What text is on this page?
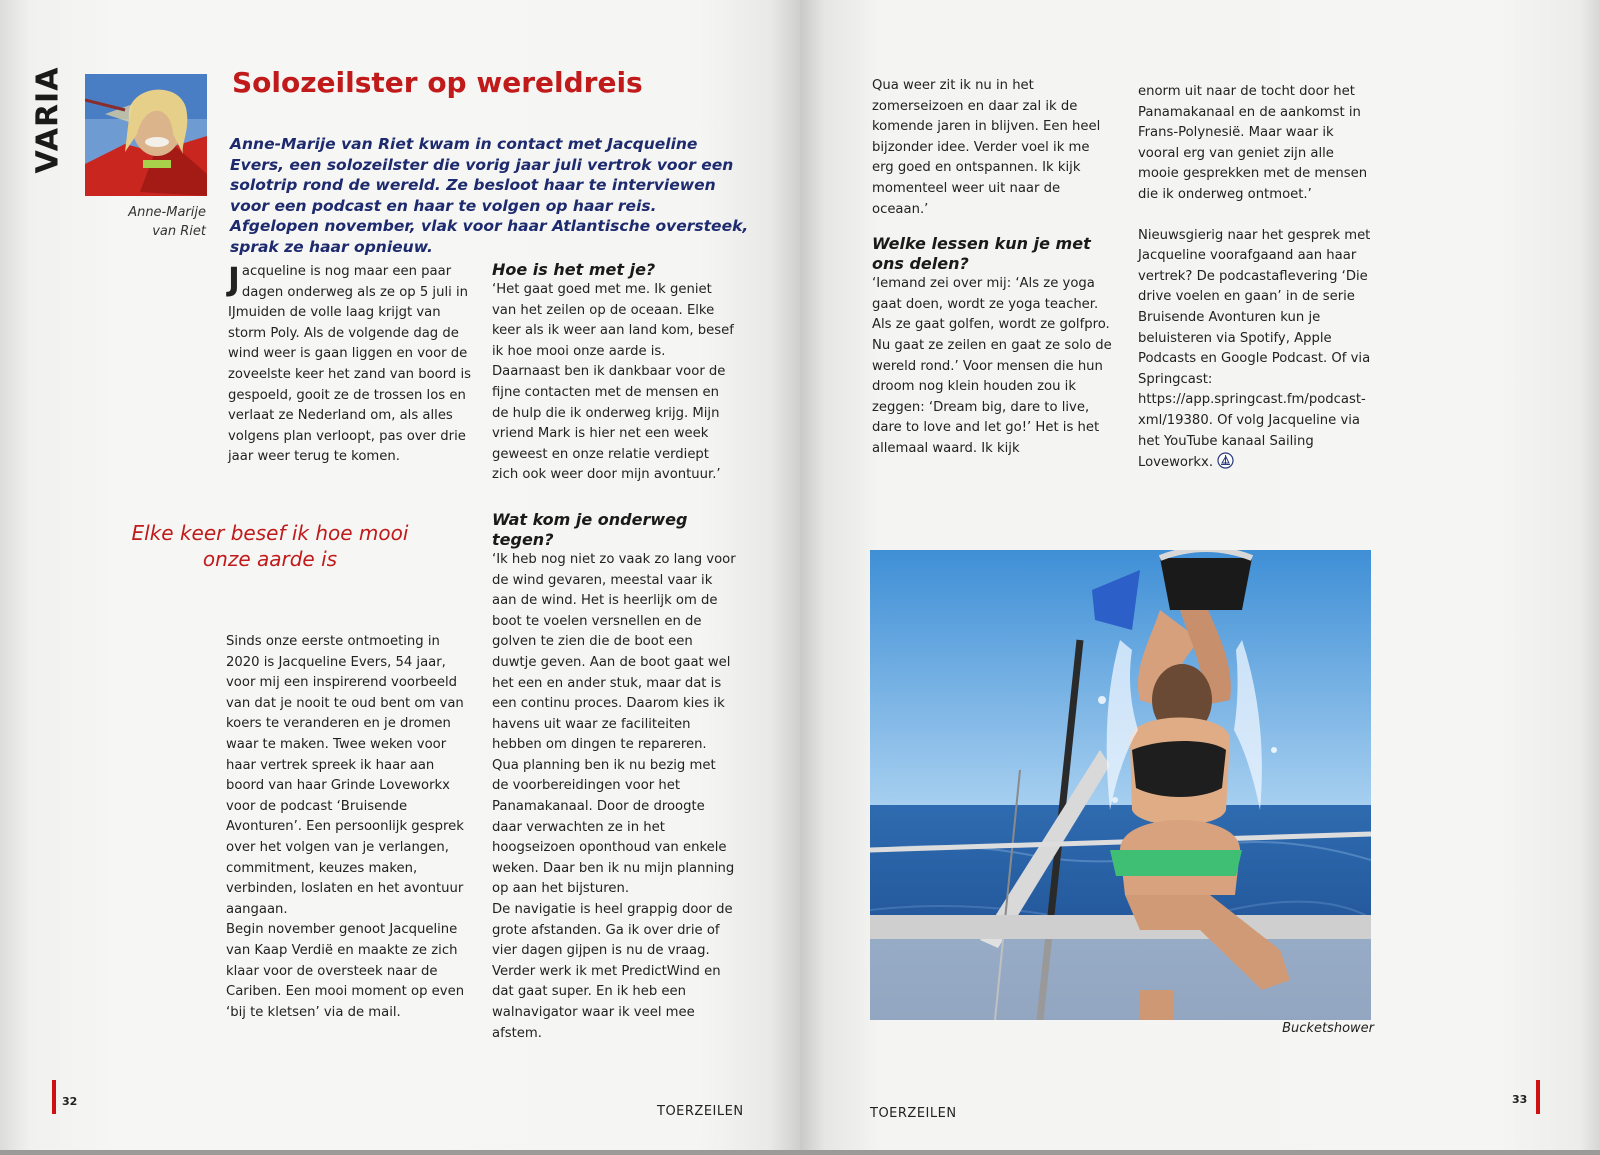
VARIA
Anne-Marije
van Riet
Solozeilster op wereldreis
Anne-Marije van Riet kwam in contact met Jacqueline Evers, een solozeilster die vorig jaar juli vertrok voor een solotrip rond de wereld. Ze besloot haar te interviewen voor een podcast en haar te volgen op haar reis. Afgelopen november, vlak voor haar Atlantische oversteek, sprak ze haar opnieuw.

Jacqueline is nog maar een paar dagen onderweg als ze op 5 juli in IJmuiden de volle laag krijgt van storm Poly. Als de volgende dag de wind weer is gaan liggen en voor de zoveelste keer het zand van boord is gespoeld, gooit ze de trossen los en verlaat ze Nederland om, als alles volgens plan verloopt, pas over drie jaar weer terug te komen.

Elke keer besef ik hoe mooi onze aarde is

Sinds onze eerste ontmoeting in 2020 is Jacqueline Evers, 54 jaar, voor mij een inspirerend voorbeeld van dat je nooit te oud bent om van koers te veranderen en je dromen waar te maken. Twee weken voor haar vertrek spreek ik haar aan boord van haar Grinde Loveworkx voor de podcast ‘Bruisende Avonturen’. Een persoonlijk gesprek over het volgen van je verlangen, commitment, keuzes maken, verbinden, loslaten en het avontuur aangaan.

Begin november genoot Jacqueline van Kaap Verdië en maakte ze zich klaar voor de oversteek naar de Cariben. Een mooi moment op even ‘bij te kletsen’ via de mail.

Hoe is het met je?

‘Het gaat goed met me. Ik geniet van het zeilen op de oceaan. Elke keer als ik weer aan land kom, besef ik hoe mooi onze aarde is. Daarnaast ben ik dankbaar voor de fijne contacten met de mensen en de hulp die ik onderweg krijg. Mijn vriend Mark is hier net een week geweest en onze relatie verdiept zich ook weer door mijn avontuur.’

Wat kom je onderweg tegen?

‘Ik heb nog niet zo vaak zo lang voor de wind gevaren, meestal vaar ik aan de wind. Het is heerlijk om de boot te voelen versnellen en de golven te zien die de boot een duwtje geven. Aan de boot gaat wel het een en ander stuk, maar dat is een continu proces. Daarom kies ik havens uit waar ze faciliteiten hebben om dingen te repareren. Qua planning ben ik nu bezig met de voorbereidingen voor het Panamakanaal. Door de droogte daar verwachten ze in het hoogseizoen oponthoud van enkele weken. Daar ben ik nu mijn planning op aan het bijsturen.

De navigatie is heel grappig door de grote afstanden. Ga ik over drie of vier dagen gijpen is nu de vraag. Verder werk ik met PredictWind en dat gaat super. En ik heb een walnavigator waar ik veel mee afstem.

32
TOERZEILEN

Qua weer zit ik nu in het zomerseizoen en daar zal ik de komende jaren in blijven. Een heel bijzonder idee. Verder voel ik me erg goed en ontspannen. Ik kijk momenteel weer uit naar de oceaan.’

Welke lessen kun je met ons delen?

‘Iemand zei over mij: ‘Als ze yoga gaat doen, wordt ze yoga teacher. Als ze gaat golfen, wordt ze golfpro. Nu gaat ze zeilen en gaat ze solo de wereld rond.’ Voor mensen die hun droom nog klein houden zou ik zeggen: ‘Dream big, dare to live, dare to love and let go!’ Het is het allemaal waard. Ik kijk

enorm uit naar de tocht door het Panamakanaal en de aankomst in Frans-Polynesië. Maar waar ik vooral erg van geniet zijn alle mooie gesprekken met de mensen die ik onderweg ontmoet.’

Nieuwsgierig naar het gesprek met Jacqueline voorafgaand aan haar vertrek? De podcastaflevering ‘Die drive voelen en gaan’ in de serie Bruisende Avonturen kun je beluisteren via Spotify, Apple Podcasts en Google Podcast. Of via Springcast: https://app.springcast.fm/podcast-xml/19380. Of volg Jacqueline via het YouTube kanaal Sailing Loveworkx.

33
TOERZEILEN
Bucketshower
